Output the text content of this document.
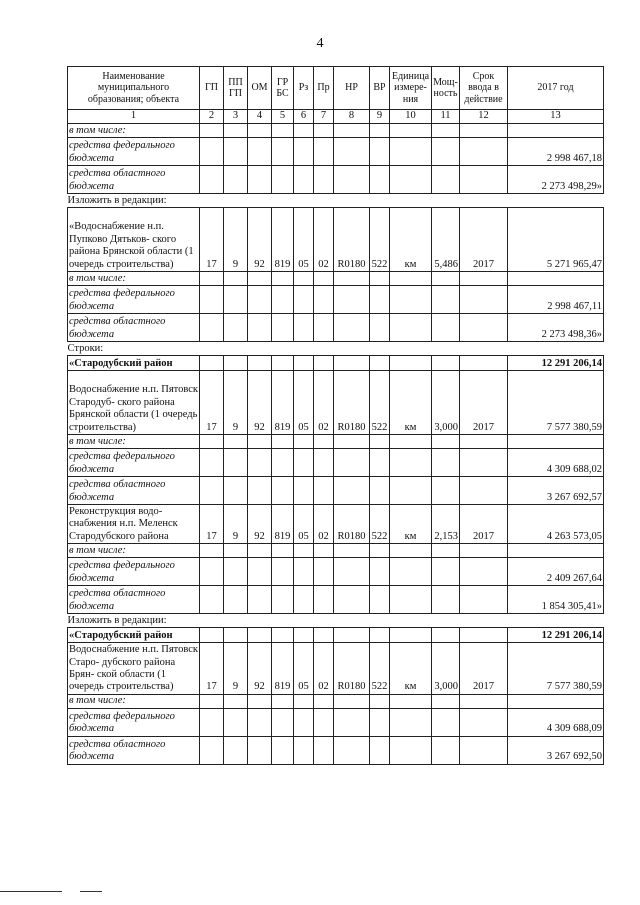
4
Наименование муниципального образования; объекта	ГП	ПП ГП	ОМ	ГР БС	Рз	Пр	НР	ВР	Единица измере- ния	Мощ- ность	Срок ввода в действие	2017 год
1	2	3	4	5	6	7	8	9	10	11	12	13
в том числе:												
средства федерального бюджета												2 998 467,18
средства областного бюджета												2 273 498,29»
Изложить в редакции:												
«Водоснабжение н.п. Пупково Дятьков- ского района Брянской области (1 очередь строительства)	17	9	92	819	05	02	R0180	522	км	5,486	2017	5 271 965,47
в том числе:												
средства федерального бюджета												2 998 467,11
средства областного бюджета												2 273 498,36»
Строки:												
«Стародубский район												12 291 206,14
Водоснабжение н.п. Пятовск Стародуб- ского района Брянской области (1 очередь строительства)	17	9	92	819	05	02	R0180	522	км	3,000	2017	7 577 380,59
в том числе:												
средства федерального бюджета												4 309 688,02
средства областного бюджета												3 267 692,57
Реконструкция водо- снабжения н.п. Меленск Стародубского района	17	9	92	819	05	02	R0180	522	км	2,153	2017	4 263 573,05
в том числе:												
средства федерального бюджета												2 409 267,64
средства областного бюджета												1 854 305,41»
Изложить в редакции:												
«Стародубский район												12 291 206,14
Водоснабжение н.п. Пятовск Старо- дубского района Брян- ской области (1 очередь строительства)	17	9	92	819	05	02	R0180	522	км	3,000	2017	7 577 380,59
в том числе:												
средства федерального бюджета												4 309 688,09
средства областного бюджета												3 267 692,50
